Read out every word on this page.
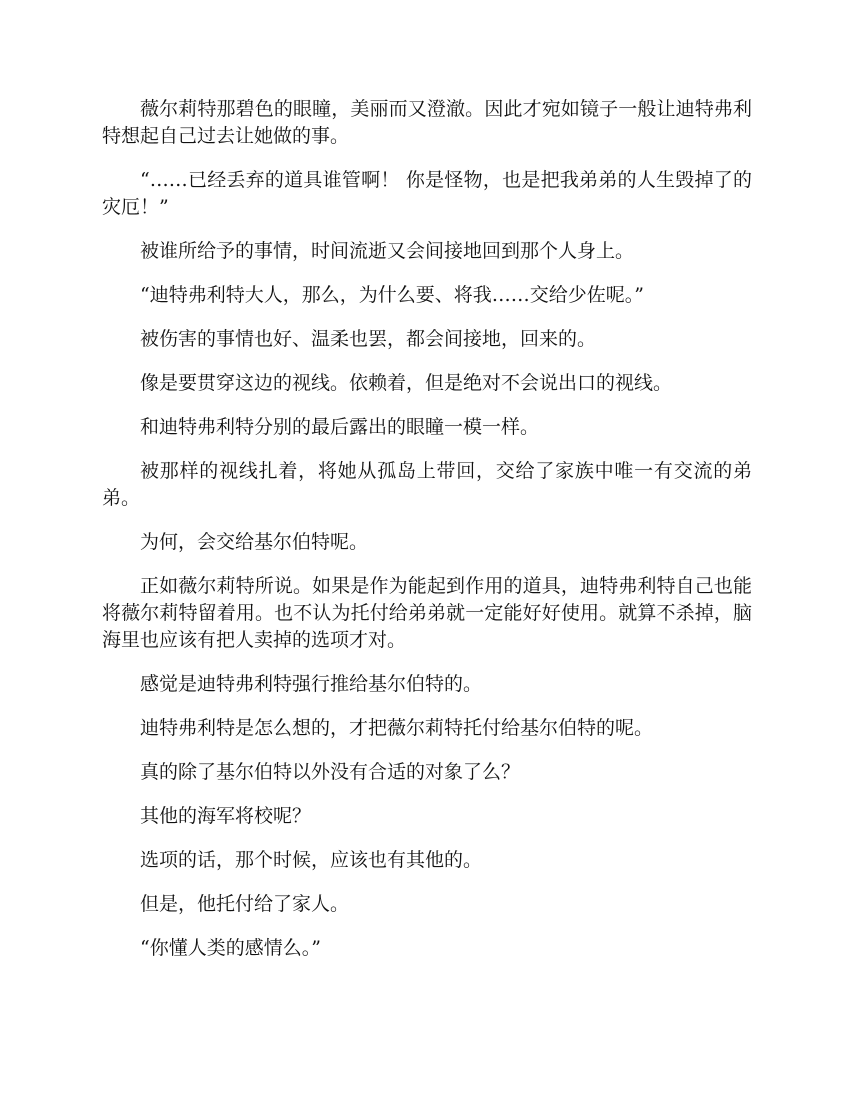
薇尔莉特那碧色的眼瞳，美丽而又澄澈。因此才宛如镜子一般让迪特弗利特想起自己过去让她做的事。

“……已经丢弃的道具谁管啊！ 你是怪物，也是把我弟弟的人生毁掉了的灾厄！”

被谁所给予的事情，时间流逝又会间接地回到那个人身上。

“迪特弗利特大人，那么，为什么要、将我……交给少佐呢。”

被伤害的事情也好、温柔也罢，都会间接地，回来的。

像是要贯穿这边的视线。依赖着，但是绝对不会说出口的视线。

和迪特弗利特分别的最后露出的眼瞳一模一样。

被那样的视线扎着，将她从孤岛上带回，交给了家族中唯一有交流的弟弟。

为何，会交给基尔伯特呢。

正如薇尔莉特所说。如果是作为能起到作用的道具，迪特弗利特自己也能将薇尔莉特留着用。也不认为托付给弟弟就一定能好好使用。就算不杀掉，脑海里也应该有把人卖掉的选项才对。

感觉是迪特弗利特强行推给基尔伯特的。

迪特弗利特是怎么想的，才把薇尔莉特托付给基尔伯特的呢。

真的除了基尔伯特以外没有合适的对象了么？

其他的海军将校呢？

选项的话，那个时候，应该也有其他的。

但是，他托付给了家人。

“你懂人类的感情么。”
